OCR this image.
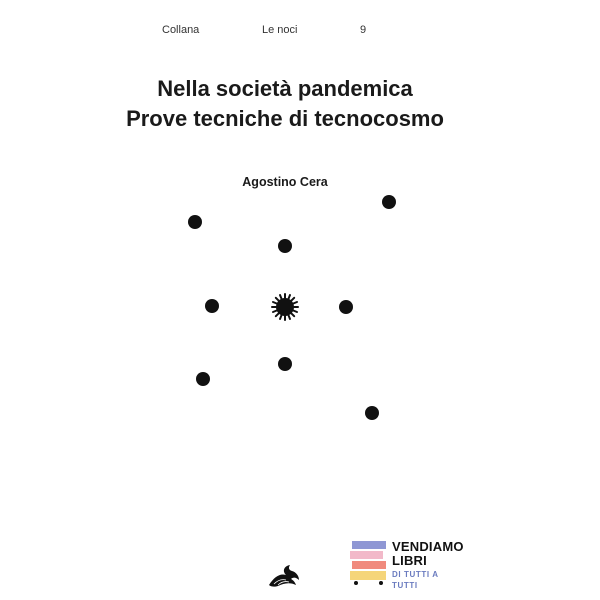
Collana	Le noci	9
Nella società pandemica
Prove tecniche di tecnocosmo
Agostino Cera
VENDIAMO
LIBRI
DI TUTTI A TUTTI
